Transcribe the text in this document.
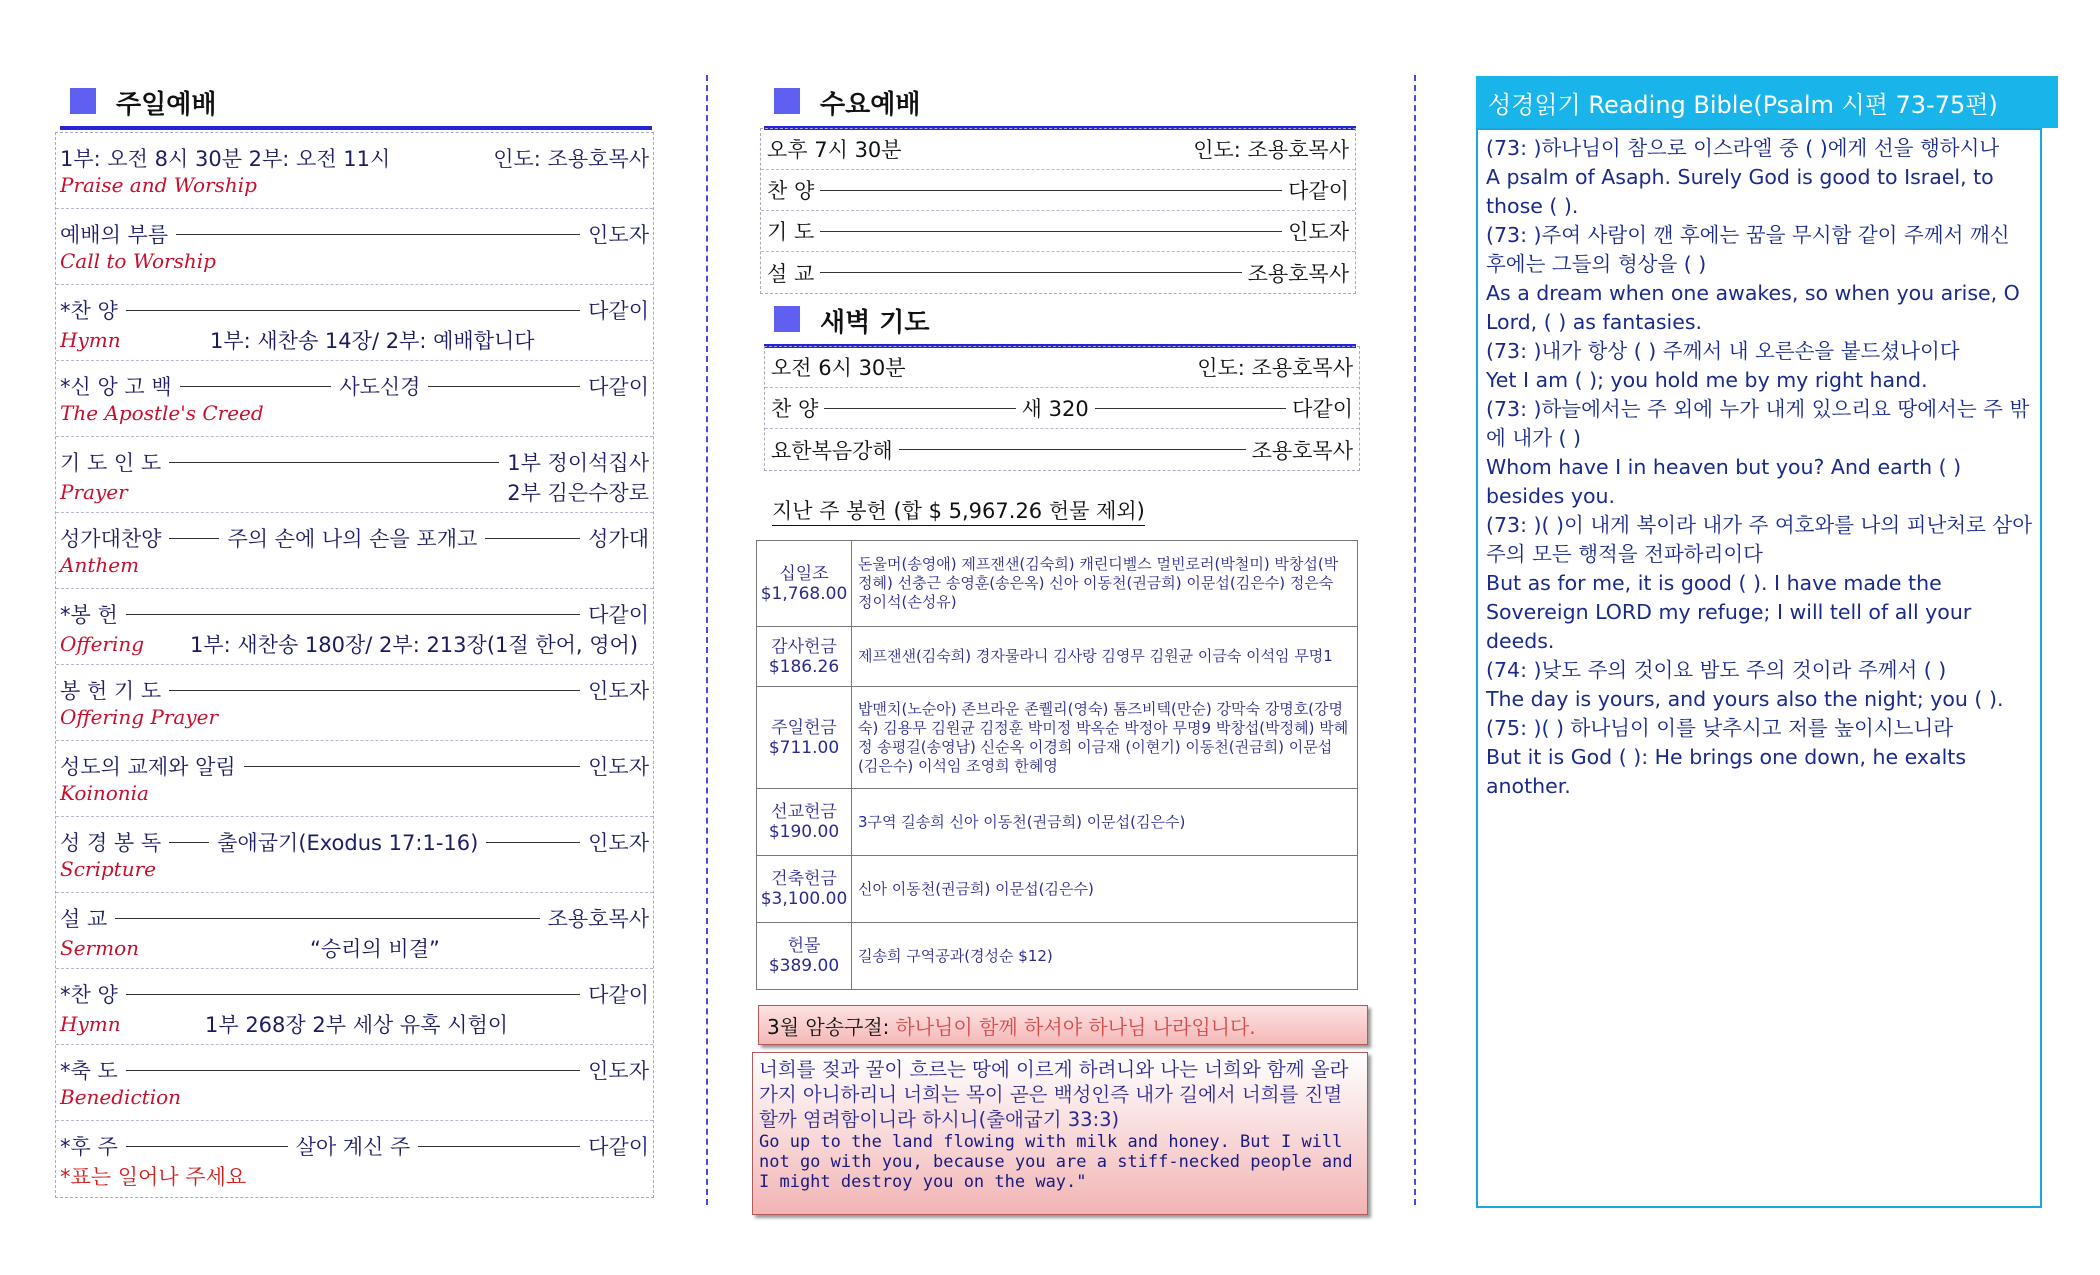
주일예배
1부: 오전 8시 30분 2부: 오전 11시	인도: 조용호목사
Praise and Worship
예배의 부름	인도자
Call to Worship
*찬 양	다같이
Hymn	1부: 새찬송 14장/ 2부: 예배합니다
*신 앙 고 백	사도신경	다같이
The Apostle's Creed
기 도 인 도	1부 정이석집사
Prayer	2부 김은수장로
성가대찬양	주의 손에 나의 손을 포개고	성가대
Anthem
*봉 헌	다같이
Offering	1부: 새찬송 180장/ 2부: 213장(1절 한어, 영어)
봉 헌 기 도	인도자
Offering Prayer
성도의 교제와 알림	인도자
Koinonia
성 경 봉 독	출애굽기(Exodus 17:1-16)	인도자
Scripture
설 교	조용호목사
Sermon	“승리의 비결”
*찬 양	다같이
Hymn	1부 268장 2부 세상 유혹 시험이
*축 도	인도자
Benediction
*후 주	살아 계신 주	다같이
*표는 일어나 주세요
수요예배
오후 7시 30분	인도: 조용호목사
찬 양	다같이
기 도	인도자
설 교	조용호목사
새벽 기도
오전 6시 30분	인도: 조용호목사
찬 양	새 320	다같이
요한복음강해	조용호목사
지난 주 봉헌 (합 $ 5,967.26 헌물 제외)
십일조
$1,768.00	돈울머(송영애) 제프잰샌(김숙희) 캐린디벨스 멀빈로러(박철미) 박창섭(박정혜) 선충근 송영훈(송은옥) 신아 이동천(권금희) 이문섭(김은수) 정은숙 정이석(손성유)

감사헌금
$186.26	제프잰샌(김숙희) 경자물라니 김사랑 김영무 김원균 이금숙 이석임 무명1

주일헌금
$711.00	밥맨치(노순아) 존브라운 존퀠리(영숙) 톰즈비텍(만순) 강막숙 강명호(강명숙) 김용무 김원균 김정훈 박미정 박옥순 박정아 무명9 박창섭(박정혜) 박혜정 송평길(송영남) 신순옥 이경희 이금재 (이현기) 이동천(권금희) 이문섭(김은수) 이석임 조영희 한혜영

선교헌금
$190.00	3구역 길송희 신아 이동천(권금희) 이문섭(김은수)

건축헌금
$3,100.00	신아 이동천(권금희) 이문섭(김은수)

헌물
$389.00	길송희 구역공과(경성순 $12)
3월 암송구절: 하나님이 함께 하셔야 하나님 나라입니다.
너희를 젖과 꿀이 흐르는 땅에 이르게 하려니와 나는 너희와 함께 올라가지 아니하리니 너희는 목이 곧은 백성인즉 내가 길에서 너희를 진멸할까 염려함이니라 하시니(출애굽기 33:3)
Go up to the land flowing with milk and honey. But I will not go with you, because you are a stiff-necked people and I might destroy you on the way."
성경읽기 Reading Bible(Psalm 시편 73-75편)

(73: )하나님이 참으로 이스라엘 중 ( )에게 선을 행하시나

A psalm of Asaph. Surely God is good to Israel, to those ( ).

(73: )주여 사람이 깬 후에는 꿈을 무시함 같이 주께서 깨신 후에는 그들의 형상을 ( )

As a dream when one awakes, so when you arise, O Lord, ( ) as fantasies.

(73: )내가 항상 ( ) 주께서 내 오른손을 붙드셨나이다

Yet I am ( ); you hold me by my right hand.

(73: )하늘에서는 주 외에 누가 내게 있으리요 땅에서는 주 밖에 내가 ( )

Whom have I in heaven but you? And earth ( ) besides you.

(73: )( )이 내게 복이라 내가 주 여호와를 나의 피난처로 삼아 주의 모든 행적을 전파하리이다

But as for me, it is good ( ). I have made the Sovereign LORD my refuge; I will tell of all your deeds.

(74: )낮도 주의 것이요 밤도 주의 것이라 주께서 ( )

The day is yours, and yours also the night; you ( ).

(75: )( ) 하나님이 이를 낮추시고 저를 높이시느니라

But it is God ( ): He brings one down, he exalts another.
